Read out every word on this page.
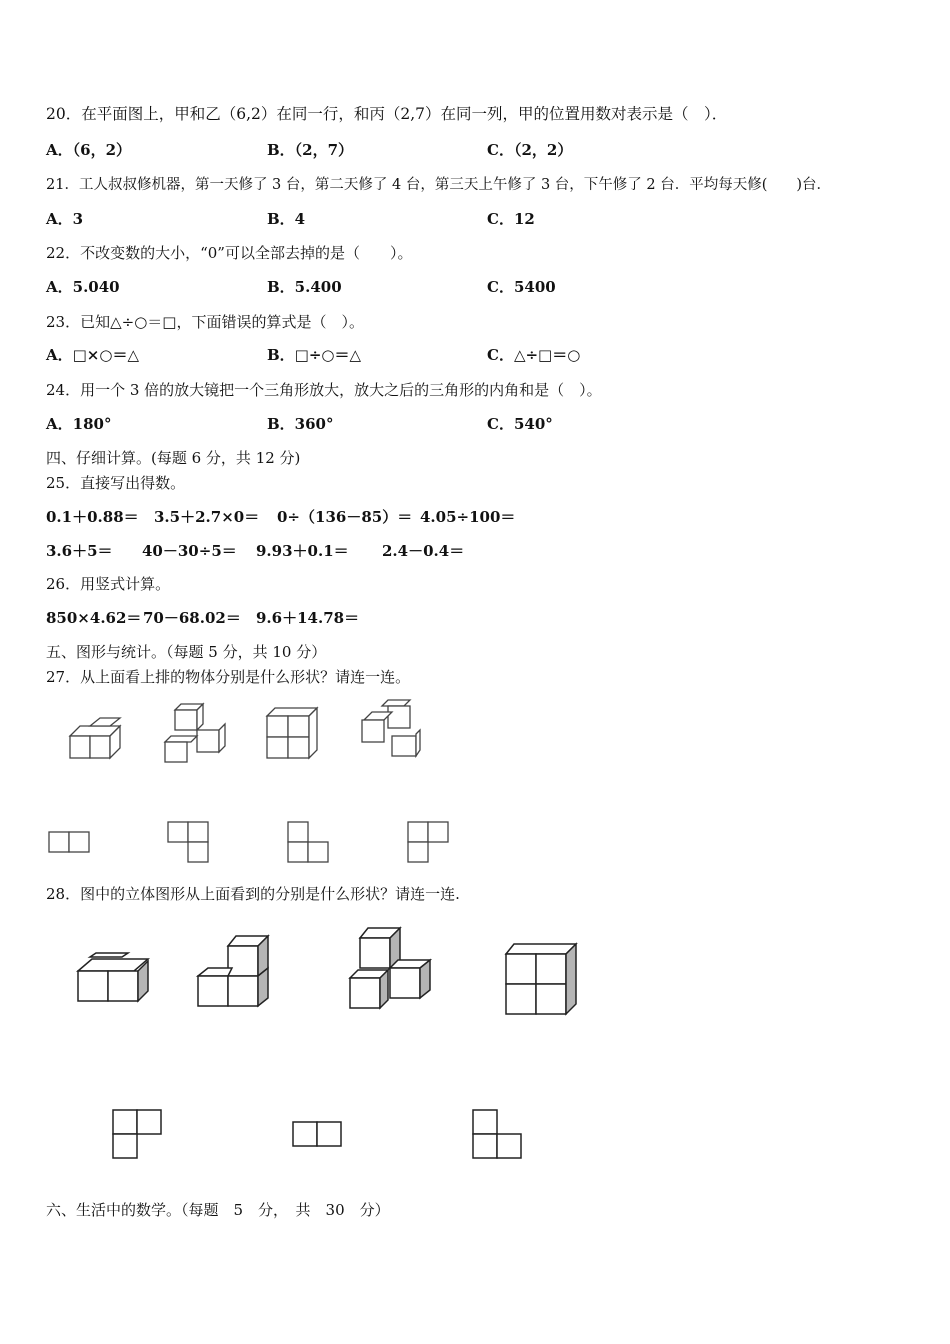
20．在平面图上，甲和乙（6,2）在同一行，和丙（2,7）在同一列，甲的位置用数对表示是（　）．
A．（6，2）	B．（2，7）	C．（2，2）
21．工人叔叔修机器，第一天修了 3 台，第二天修了 4 台，第三天上午修了 3 台，下午修了 2 台．平均每天修(　　)台．
A．3	B．4	C．12
22．不改变数的大小，“0”可以全部去掉的是（　　）。
A．5.040	B．5.400	C．5400
23．已知△÷○＝□，下面错误的算式是（　）。
A．□×○＝△	B．□÷○＝△	C．△÷□＝○
24．用一个 3 倍的放大镜把一个三角形放大，放大之后的三角形的内角和是（　）。
A．180°	B．360°	C．540°
四、仔细计算。(每题 6 分，共 12 分)
25．直接写出得数。
0.1＋0.88＝ 3.5＋2.7×0＝ 0÷（136－85）＝ 4.05÷100＝
3.6＋5＝ 40－30÷5＝ 9.93＋0.1＝ 2.4－0.4＝
26．用竖式计算。
850×4.62＝ 70－68.02＝ 9.6＋14.78＝
五、图形与统计。（每题 5 分，共 10 分）
27．从上面看上排的物体分别是什么形状？请连一连。
28．图中的立体图形从上面看到的分别是什么形状？请连一连.
六、生活中的数学。（每题　5　分，　共　30　分）
